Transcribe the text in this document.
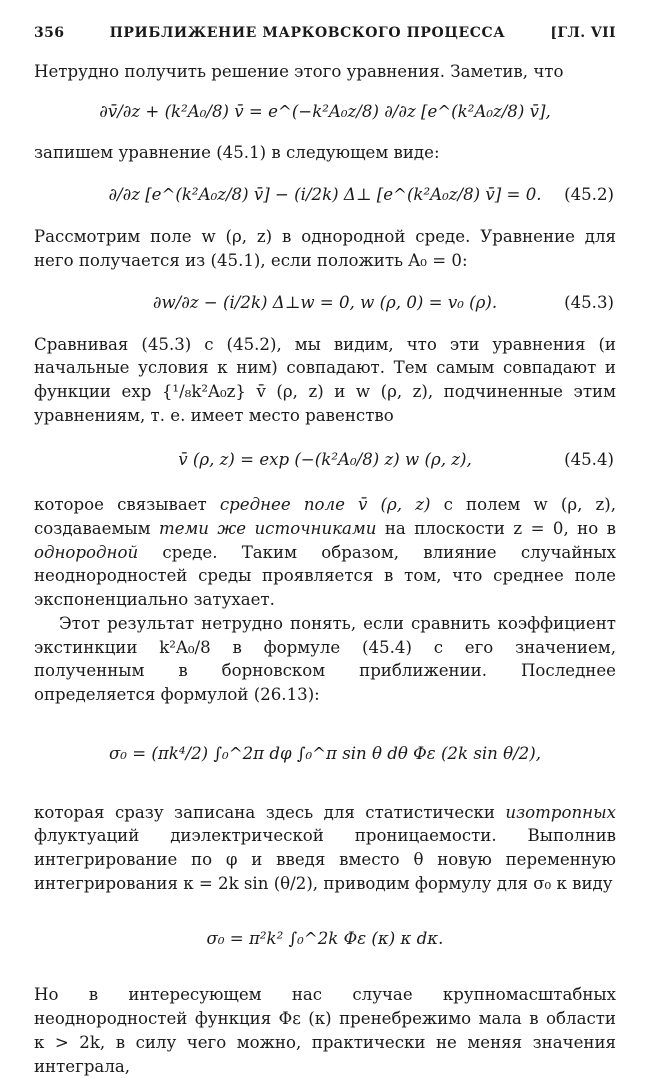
356	ПРИБЛИЖЕНИЕ МАРКОВСКОГО ПРОЦЕССА	[ГЛ. VII

Нетрудно получить решение этого уравнения. Заметив, что

∂v̄/∂z + (k²A₀/8) v̄ = e^(−k²A₀z/8) ∂/∂z [e^(k²A₀z/8) v̄],

запишем уравнение (45.1) в следующем виде:

∂/∂z [e^(k²A₀z/8) v̄] − (i/2k) Δ⊥ [e^(k²A₀z/8) v̄] = 0. (45.2)

Рассмотрим поле w (ρ, z) в однородной среде. Уравнение для него получается из (45.1), если положить A₀ = 0:

∂w/∂z − (i/2k) Δ⊥w = 0, w (ρ, 0) = v₀ (ρ).	(45.3)

Сравнивая (45.3) с (45.2), мы видим, что эти уравнения (и начальные условия к ним) совпадают. Тем самым совпадают и функции exp {¹/₈k²A₀z} v̄ (ρ, z) и w (ρ, z), подчиненные этим уравнениям, т. е. имеет место равенство

v̄ (ρ, z) = exp (−(k²A₀/8) z) w (ρ, z),	(45.4)

которое связывает среднее поле v̄ (ρ, z) с полем w (ρ, z), создаваемым теми же источниками на плоскости z = 0, но в однородной среде. Таким образом, влияние случайных неоднородностей среды проявляется в том, что среднее поле экспоненциально затухает.

Этот результат нетрудно понять, если сравнить коэффициент экстинкции k²A₀/8 в формуле (45.4) с его значением, полученным в борновском приближении. Последнее определяется формулой (26.13):

σ₀ = (πk⁴/2) ∫₀^2π dφ ∫₀^π sin θ dθ Φε (2k sin θ/2),

которая сразу записана здесь для статистически изотропных флуктуаций диэлектрической проницаемости. Выполнив интегрирование по φ и введя вместо θ новую переменную интегрирования κ = 2k sin (θ/2), приводим формулу для σ₀ к виду

σ₀ = π²k² ∫₀^2k Φε (κ) κ dκ.

Но в интересующем нас случае крупномасштабных неоднородностей функция Φε (κ) пренебрежимо мала в области κ > 2k, в силу чего можно, практически не меняя значения интеграла,
